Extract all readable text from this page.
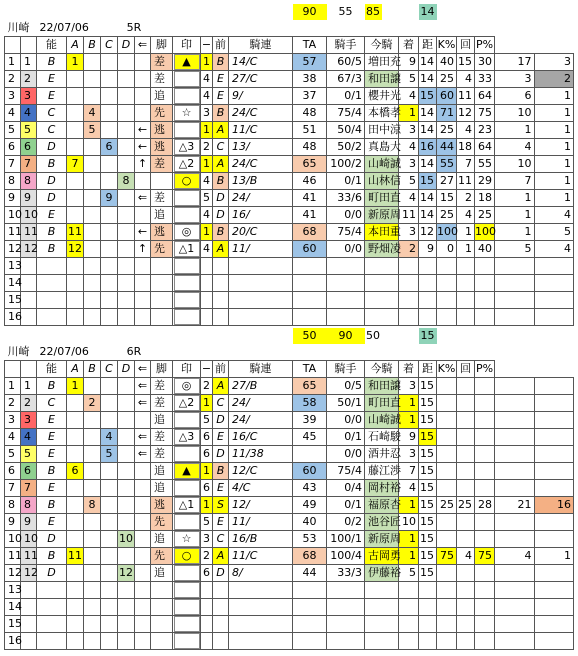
														90	55	85			14					
川崎		22/07/06				5R																		
		能	A	B	C	D	⇐	脚	印	−	前	騎連		TA	騎手	今騎		着	距	K%	回	P%		
1	1	B	1					差	▲	1	B	14/C		57	60/5	増田充		9	14	40	15	30	17	3
2	2	E						差		4	E	27/C		38	67/3	和田譲		5	14	25	4	33	3	2
3	3	E						追		4	E	9/		37	0/1	櫻井光		4	15	60	11	64	6	1
4	4	C		4				先	☆	3	B	24/C		48	75/4	本橋孝		1	14	71	12	75	10	1
5	5	C		5			←	逃		1	A	11/C		51	50/4	田中涼		3	14	25	4	23	1	1
6	6	D			6		←	逃	△3	2	C	13/		48	50/2	真島大		4	16	44	18	64	4	1
7	7	B	7				↑	差	△2	1	A	24/C		65	100/2	山崎誠		3	14	55	7	55	10	1
8	8	D				8			○	4	B	13/B		46	0/1	山林信		5	15	27	11	29	7	1
9	9	D			9		⇐	差		5	D	24/		41	33/6	町田直		4	14	15	2	18	1	1
10	10	E						追		4	D	16/		41	0/0	新原周		11	14	25	4	25	1	4
11	11	B	11				←	逃	◎	1	B	20/C		68	75/4	本田重		3	12	100	1	100	1	5
12	12	B	12				↑	先	△1	4	A	11/		60	0/0	野畑凌		2	9	0	1	40	5	4
13																								
14																								
15																								
16																								
														50	90	50			15					
川崎		22/07/06				6R																		
		能	A	B	C	D	⇐	脚	印	−	前	騎連		TA	騎手	今騎		着	距	K%	回	P%		
1	1	B	1				⇐	差	◎	2	A	27/B		65	0/5	和田譲		3	15					
2	2	C		2			⇐	差	△2	1	C	24/		58	50/1	町田直		1	15					
3	3	E						追		5	D	24/		39	0/0	山崎誠		1	15					
4	4	E			4		⇐	差	△3	6	E	16/C		45	0/1	石崎駿		9	15					
5	5	E			5		⇐	差		6	D	11/38			0/0	酒井忍		3	15					
6	6	B	6					追	▲	1	B	12/C		60	75/4	藤江渉		7	15					
7	7	E						追		6	E	4/C		43	0/4	岡村裕		4	15					
8	8	B		8				逃	△1	1	S	12/		49	0/1	福原杏		1	15	25	25	28	21	16
9	9	E						先		5	E	11/		40	0/2	池谷匠		10	15					
10	10	D				10		追	☆	3	C	16/B		53	100/1	新原周		1	15					
11	11	B	11					先	○	2	A	11/C		68	100/4	古岡勇		1	15	75	4	75	4	1
12	12	D				12		追		6	D	8/		44	33/3	伊藤裕		5	15					
13																								
14																								
15																								
16																								
